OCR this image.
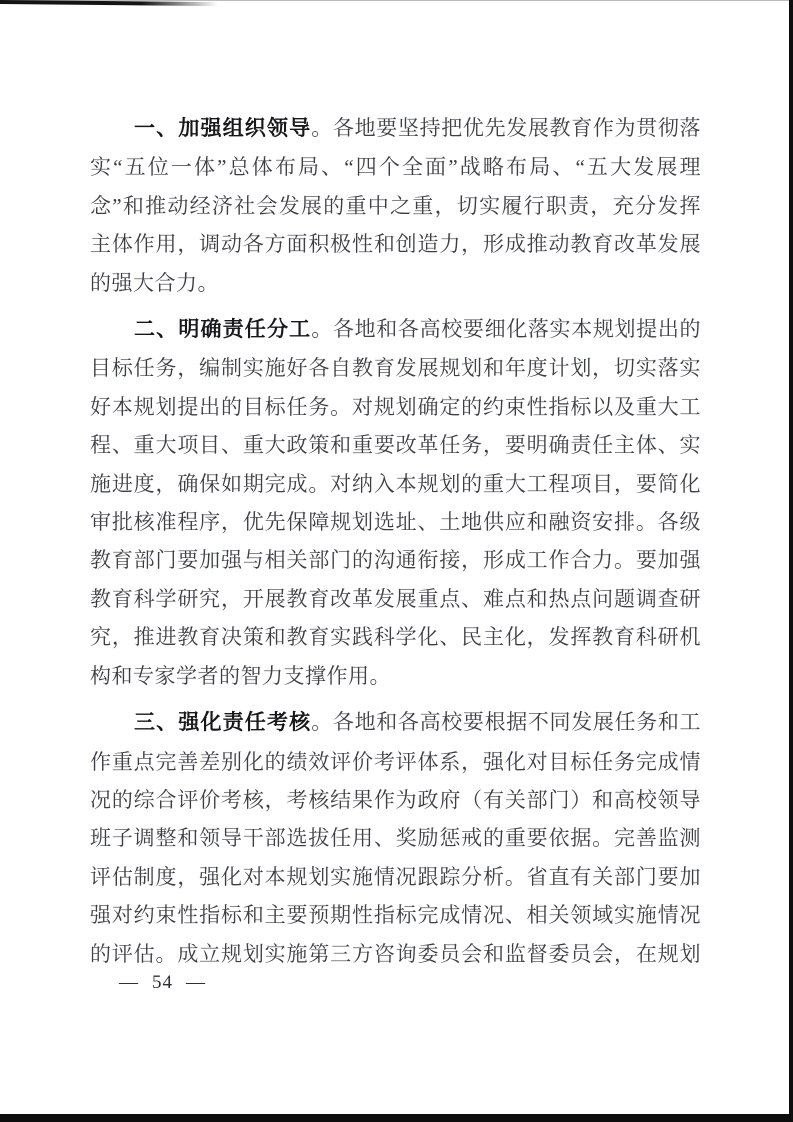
一、加强组织领导。各地要坚持把优先发展教育作为贯彻落
实“五位一体”总体布局、“四个全面”战略布局、“五大发展理
念”和推动经济社会发展的重中之重，切实履行职责，充分发挥
主体作用，调动各方面积极性和创造力，形成推动教育改革发展
的强大合力。
二、明确责任分工。各地和各高校要细化落实本规划提出的
目标任务，编制实施好各自教育发展规划和年度计划，切实落实
好本规划提出的目标任务。对规划确定的约束性指标以及重大工
程、重大项目、重大政策和重要改革任务，要明确责任主体、实
施进度，确保如期完成。对纳入本规划的重大工程项目，要简化
审批核准程序，优先保障规划选址、土地供应和融资安排。各级
教育部门要加强与相关部门的沟通衔接，形成工作合力。要加强
教育科学研究，开展教育改革发展重点、难点和热点问题调查研
究，推进教育决策和教育实践科学化、民主化，发挥教育科研机
构和专家学者的智力支撑作用。
三、强化责任考核。各地和各高校要根据不同发展任务和工
作重点完善差别化的绩效评价考评体系，强化对目标任务完成情
况的综合评价考核，考核结果作为政府（有关部门）和高校领导
班子调整和领导干部选拔任用、奖励惩戒的重要依据。完善监测
评估制度，强化对本规划实施情况跟踪分析。省直有关部门要加
强对约束性指标和主要预期性指标完成情况、相关领域实施情况
的评估。成立规划实施第三方咨询委员会和监督委员会，在规划
— 54 —
